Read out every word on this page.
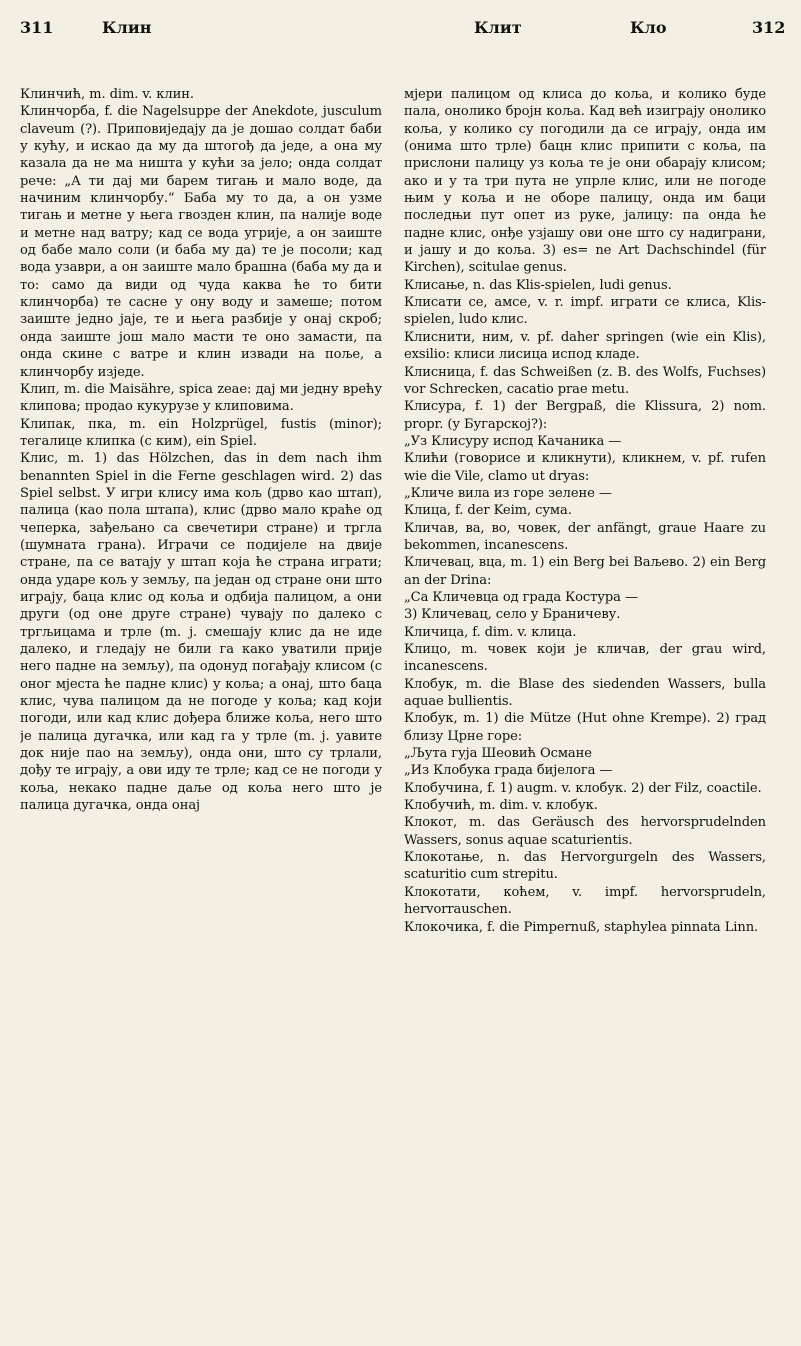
311	Клин	Клит	Кло	312

Клинчић, m. dim. v. клин.

Клинчорба, f. die Nagelsuppe der Anekdote, jusculum claveum (?). Приповиједају да је дошао солдат баби у кућу, и искао да му да штогођ да једе, а она му казала да не ма ништа у кући за јело; онда солдат рече: „А ти дај ми барем тигањ и мало воде, да начиним клинчорбу.“ Баба му то да, а он узме тигањ и метне у њега гвозден клин, па налије воде и метне над ватру; кад се вода угрије, а он заиште од бабе мало соли (и баба му да) те је посоли; кад вода узаври, а он заиште мало брашна (баба му да и то: само да види од чуда каква ће то бити клинчорба) те сасне у ону воду и замеше; потом заиште једно јаје, те и њега разбије у онај скроб; онда заиште још мало масти те оно замасти, па онда скине с ватре и клин извади на поље, а клинчорбу изједе.

Клип, m. die Maisähre, spica zeae: дај ми једну врећу клипова; продао кукурузе у клиповима.

Клипак, пка, m. ein Holzprügel, fustis (minor); тегалице клипка (с ким), ein Spiel.

Клис, m. 1) das Hölzchen, das in dem nach ihm benannten Spiel in die Ferne geschlagen wird. 2) das Spiel selbst. У игри клису има кољ (дрво као штап), палица (као пола штапа), клис (дрво мало краће од чеперка, зађељано са свечетири стране) и тргла (шумната грана). Играчи се подијеле на двије стране, па се ватају у штап која ће страна играти; онда ударе кољ у земљу, па један од стране они што играју, баца клис од кољa и одбија палицом, а они други (од оне друге стране) чувају по далеко с тргљицама и трле (m. ј. смешају клис да не иде далеко, и гледају не били га како уватили прије него падне на земљу), па одонуд погађају клисом (с оног мјеста ће падне клис) у кољa; а онај, што баца клис, чува палицом да не погоде у кољa; кад који погоди, или кад клис дођера ближе кољa, него што је палица дугачка, или кад га у трле (m. ј. уавите док није пао на земљу), онда они, што су трлали, дођу те играју, а ови иду те трле; кад се не погоди у кољa, некако падне даље од кољa него што је палица дугачка, онда онај

мјери палицом од клиса до кољa, и колико буде пала, онолико бројн кољa. Кад већ изиграју онолико кољa, у колико су погодили да се играју, онда им (онима што трле) бацн клис припити с кољa, па прислони палицу уз кољa те је они обарају клисом; ако и у та три пута не упрле клис, или не погоде њим у кољa и не оборе палицу, онда им баци последњи пут опет из руке, јалицу: па онда ће падне клис, онђе узјашу ови оне што су надиграни, и јашу и до кољa. 3) es= ne Art Dachschindel (für Kirchen), scitulae genus.

Клисање, n. das Klis-spielen, ludi genus.

Клисати се, амсе, v. r. impf. играти се клиса, Klis-spielen, ludo клис.

Клиснити, ним, v. pf. daher springen (wie ein Klis), exsilio: клиси лисица испод кладе.

Клисница, f. das Schweißen (z. B. des Wolfs, Fuchses) vor Schrecken, cacatio prae metu.

Клисура, f. 1) der Bergpaß, die Klissura, 2) nom. propr. (у Бугарској?):

„Уз Клисуру испод Качаника —

Клићи (говорисе и кликнути), кликнем, v. pf. rufen wie die Vile, clamo ut dryas:

„Кличе вила из горе зелене —

Клица, f. der Keim, сума.

Кличав, ва, во, човек, der anfängt, graue Haare zu bekommen, incanescens.

Кличевац, вца, m. 1) ein Berg bei Ваљево. 2) ein Berg an der Drina:

„Са Кличевца од града Костура —

3) Кличевац, село у Браничеву.

Кличица, f. dim. v. клица.

Клицо, m. човек који је кличав, der grau wird, incanescens.

Клобук, m. die Blase des siedenden Wassers, bulla aquae bullientis.

Клобук, m. 1) die Mütze (Hut ohne Krempe). 2) град близу Црне горе:

„Љута гуја Шеовић Османе

„Из Клобука града бијелога —

Клобучина, f. 1) augm. v. клобук. 2) der Filz, coactile.

Клобучић, m. dim. v. клобук.

Клокот, m. das Geräusch des hervorsprudelnden Wassers, sonus aquae scaturientis.

Клокотање, n. das Hervorgurgeln des Wassers, scaturitio cum strepitu.

Клокотати, коћем, v. impf. hervorsprudeln, hervorrauschen.

Клокочика, f. die Pimpernuß, staphylea pinnata Linn.
